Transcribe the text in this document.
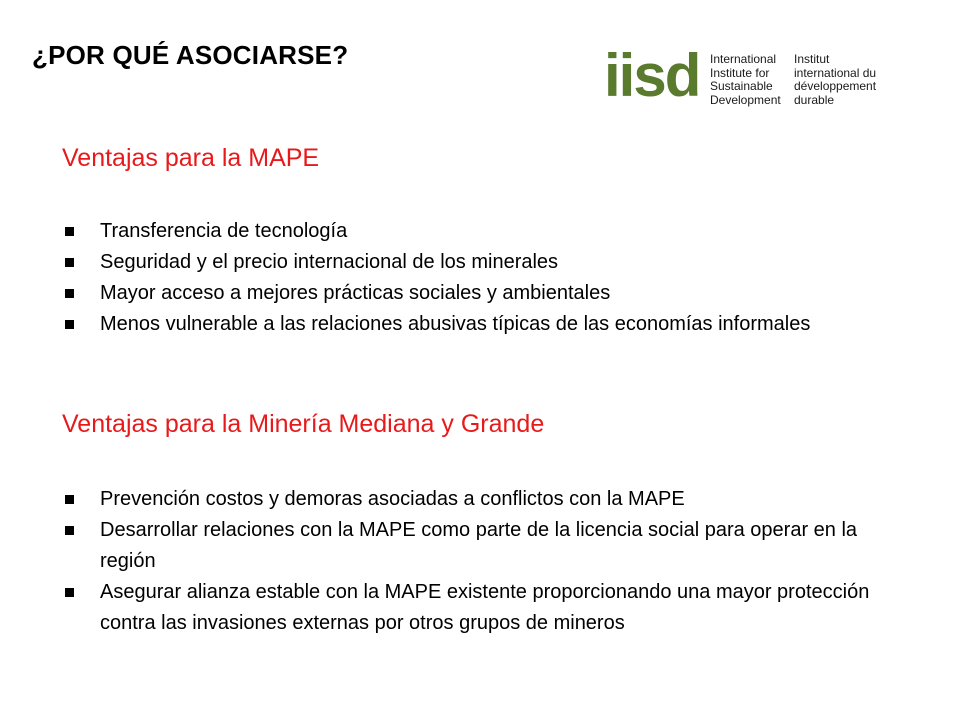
¿POR QUÉ ASOCIARSE?	iisd International
Institute for
Sustainable
Development
Institut
international du
développement
durable
Ventajas para la MAPE
Transferencia de tecnología
Seguridad y el precio internacional de los minerales
Mayor acceso a mejores prácticas sociales y ambientales
Menos vulnerable a las relaciones abusivas típicas de las economías informales
Ventajas para la Minería Mediana y Grande
Prevención costos y demoras asociadas a conflictos con la MAPE
Desarrollar relaciones con la MAPE como parte de la licencia social para operar en la región
Asegurar alianza estable con la MAPE existente proporcionando una mayor protección contra las invasiones externas por otros grupos de mineros
